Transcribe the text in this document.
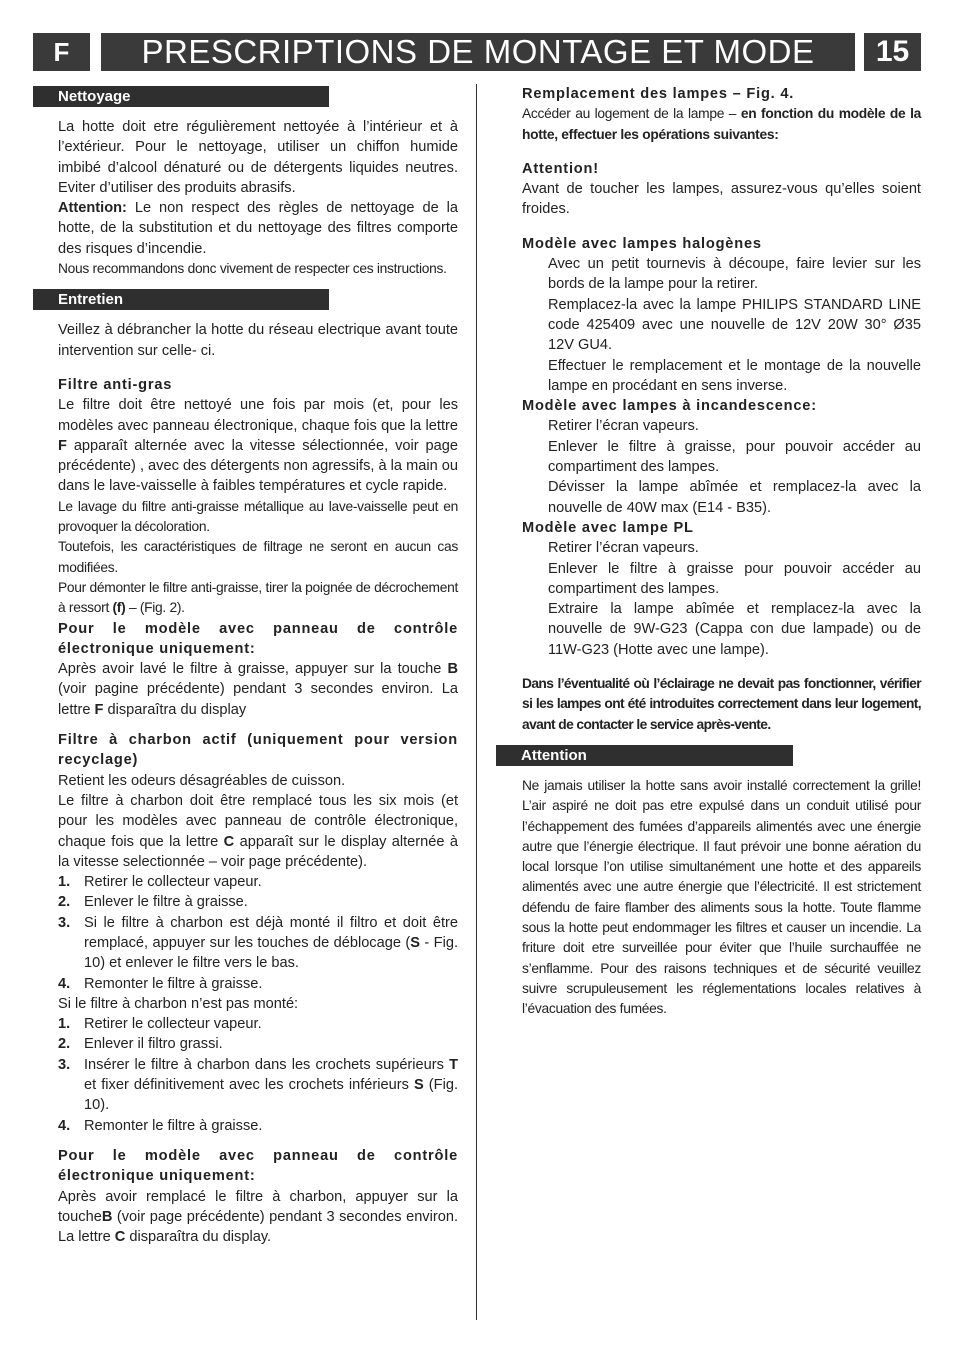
F	PRESCRIPTIONS DE MONTAGE ET MODE	15
Nettoyage

La hotte doit etre régulièrement nettoyée à l’intérieur et à l’extérieur. Pour le nettoyage, utiliser un chiffon humide imbibé d’alcool dénaturé ou de détergents liquides neutres. Eviter d’utiliser des produits abrasifs.

Attention: Le non respect des règles de nettoyage de la hotte, de la substitution et du nettoyage des filtres comporte des risques d’incendie.

Nous recommandons donc vivement de respecter ces instructions.

Entretien

Veillez à débrancher la hotte du réseau electrique avant toute intervention sur celle- ci.

Filtre anti-gras

Le filtre doit être nettoyé une fois par mois (et, pour les modèles avec panneau électronique, chaque fois que la lettre F apparaît alternée avec la vitesse sélectionnée, voir page précédente) , avec des détergents non agressifs, à la main ou dans le lave-vaisselle à faibles températures et cycle rapide.

Le lavage du filtre anti-graisse métallique au lave-vaisselle peut en provoquer la décoloration.

Toutefois, les caractéristiques de filtrage ne seront en aucun cas modifiées.

Pour démonter le filtre anti-graisse, tirer la poignée de décrochement à ressort (f) – (Fig. 2).

Pour le modèle avec panneau de contrôle électronique uniquement:

Après avoir lavé le filtre à graisse, appuyer sur la touche B (voir pagine précédente) pendant 3 secondes environ. La lettre F disparaîtra du display

Filtre à charbon actif (uniquement pour version recyclage)

Retient les odeurs désagréables de cuisson.

Le filtre à charbon doit être remplacé tous les six mois (et pour les modèles avec panneau de contrôle électronique, chaque fois que la lettre C apparaît sur le display alternée à la vitesse selectionnée – voir page précédente).

1. Retirer le collecteur vapeur.
2. Enlever le filtre à graisse.
3. Si le filtre à charbon est déjà monté il filtro et doit être remplacé, appuyer sur les touches de déblocage (S - Fig. 10) et enlever le filtre vers le bas.
4. Remonter le filtre à graisse.

Si le filtre à charbon n’est pas monté:

1. Retirer le collecteur vapeur.
2. Enlever il filtro grassi.
3. Insérer le filtre à charbon dans les crochets supérieurs T et fixer définitivement avec les crochets inférieurs S (Fig. 10).
4. Remonter le filtre à graisse.

Pour le modèle avec panneau de contrôle électronique uniquement:

Après avoir remplacé le filtre à charbon, appuyer sur la toucheB (voir page précédente) pendant 3 secondes environ. La lettre C disparaîtra du display.

Remplacement des lampes – Fig. 4.

Accéder au logement de la lampe – en fonction du modèle de la hotte, effectuer les opérations suivantes:

Attention!

Avant de toucher les lampes, assurez-vous qu’elles soient froides.

Modèle avec lampes halogènes

Avec un petit tournevis à découpe, faire levier sur les bords de la lampe pour la retirer.

Remplacez-la avec la lampe PHILIPS STANDARD LINE code 425409 avec une nouvelle de 12V 20W 30° Ø35 12V GU4.

Effectuer le remplacement et le montage de la nouvelle lampe en procédant en sens inverse.

Modèle avec lampes à incandescence:

Retirer l’écran vapeurs.

Enlever le filtre à graisse, pour pouvoir accéder au compartiment des lampes.

Dévisser la lampe abîmée et remplacez-la avec la nouvelle de 40W max (E14 - B35).

Modèle avec lampe PL

Retirer l’écran vapeurs.

Enlever le filtre à graisse pour pouvoir accéder au compartiment des lampes.

Extraire la lampe abîmée et remplacez-la avec la nouvelle de 9W-G23 (Cappa con due lampade) ou de 11W-G23 (Hotte avec une lampe).

Dans l’éventualité où l’éclairage ne devait pas fonctionner, vérifier si les lampes ont été introduites correctement dans leur logement, avant de contacter le service après-vente.

Attention

Ne jamais utiliser la hotte sans avoir installé correctement la grille! L’air aspiré ne doit pas etre expulsé dans un conduit utilisé pour l’échappement des fumées d’appareils alimentés avec une énergie autre que l’énergie électrique. Il faut prévoir une bonne aération du local lorsque l’on utilise simultanément une hotte et des appareils alimentés avec une autre énergie que l’électricité. Il est strictement défendu de faire flamber des aliments sous la hotte. Toute flamme sous la hotte peut endommager les filtres et causer un incendie. La friture doit etre surveillée pour éviter que l’huile surchauffée ne s’enflamme. Pour des raisons techniques et de sécurité veuillez suivre scrupuleusement les réglementations locales relatives à l’évacuation des fumées.
